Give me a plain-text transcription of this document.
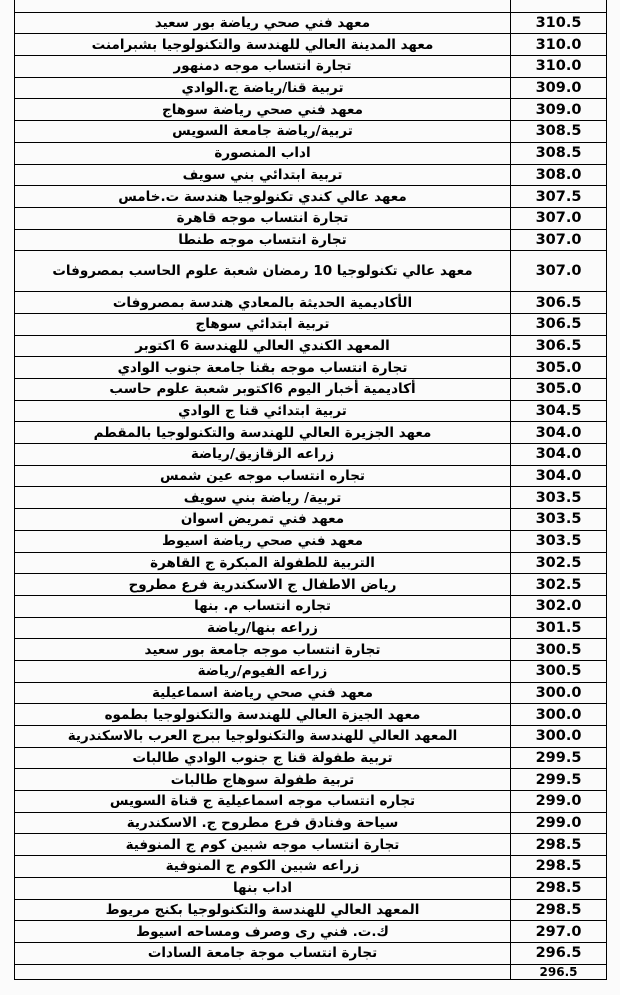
معهد فني صحي رياضة بور سعيد	310.5
معهد المدينة العالي للهندسة والتكنولوجيا بشبرامنت	310.0
تجارة انتساب موجه دمنهور	310.0
تربية قنا/رياضة ج.الوادي	309.0
معهد فني صحي رياضة سوهاج	309.0
تربية/رياضة جامعة السويس	308.5
اداب المنصورة	308.5
تربية ابتدائي بني سويف	308.0
معهد عالي كندي تكنولوجيا هندسة ت.خامس	307.5
تجارة انتساب موجه قاهرة	307.0
تجارة انتساب موجه طنطا	307.0
معهد عالي تكنولوجيا 10 رمضان شعبة علوم الحاسب بمصروفات	307.0
الأكاديمية الحديثة بالمعادي هندسة بمصروفات	306.5
تربية ابتدائي سوهاج	306.5
المعهد الكندي العالي للهندسة 6 اكتوبر	306.5
تجارة انتساب موجه بقنا جامعة جنوب الوادي	305.0
أكاديمية أخبار اليوم 6اكتوبر شعبة علوم حاسب	305.0
تربية ابتدائي قنا ج الوادي	304.5
معهد الجزيرة العالي للهندسة والتكنولوجيا بالمقطم	304.0
زراعه الزقازيق/رياضة	304.0
تجاره انتساب موجه عين شمس	304.0
تربية/ رياضة بني سويف	303.5
معهد فني تمريض اسوان	303.5
معهد فني صحي رياضة اسيوط	303.5
التربية للطفولة المبكرة ج القاهرة	302.5
رياض الاطفال ج الاسكندرية فرع مطروح	302.5
تجاره انتساب م. بنها	302.0
زراعه بنها/رياضة	301.5
تجارة انتساب موجه جامعة بور سعيد	300.5
زراعه الفيوم/رياضة	300.5
معهد فني صحي رياضة اسماعيلية	300.0
معهد الجيزة العالي للهندسة والتكنولوجيا بطموه	300.0
المعهد العالي للهندسة والتكنولوجيا ببرج العرب بالاسكندرية	300.0
تربية طفولة قنا ج جنوب الوادي طالبات	299.5
تربية طفولة سوهاج طالبات	299.5
تجاره انتساب موجه اسماعيلية ج قناة السويس	299.0
سياحة وفنادق فرع مطروح ج. الاسكندرية	299.0
تجارة انتساب موجه شبين كوم ج المنوفية	298.5
زراعه شبين الكوم ج المنوفية	298.5
اداب بنها	298.5
المعهد العالي للهندسة والتكنولوجيا بكنج مريوط	298.5
ك.ت. فني رى وصرف ومساحه اسيوط	297.0
تجارة انتساب موجة جامعة السادات	296.5
	296.5
